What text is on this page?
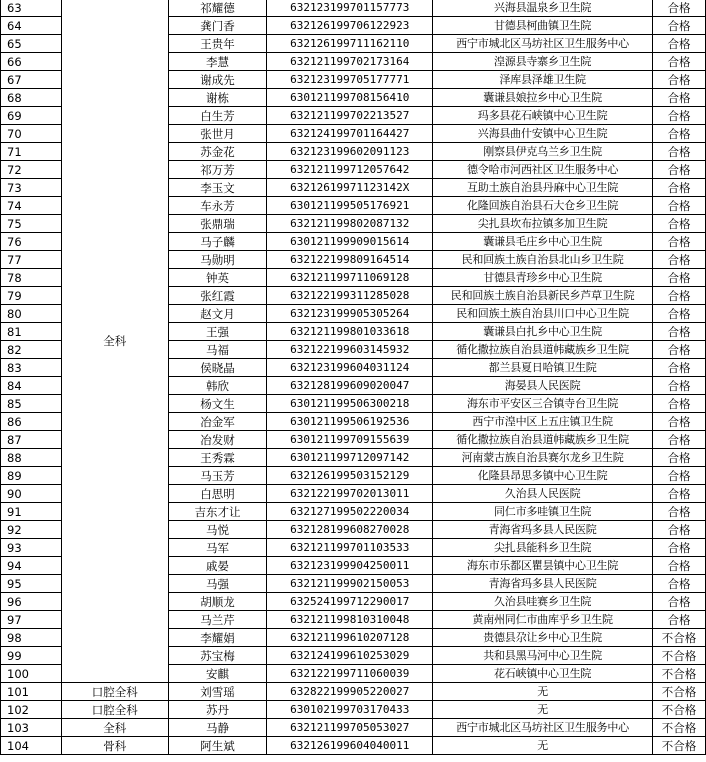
63	全科	祁耀德	632123199701157773	兴海县温泉乡卫生院	合格
64		龚门香	632126199706122923	甘德县柯曲镇卫生院	合格
65		王贵年	632126199711162110	西宁市城北区马坊社区卫生服务中心	合格
66		李慧	632121199702173164	湟源县寺寨乡卫生院	合格
67		谢成先	632123199705177771	泽库县泽雄卫生院	合格
68		谢栋	630121199708156410	囊谦县娘拉乡中心卫生院	合格
69		白生芳	632121199702213527	玛多县花石峡镇中心卫生院	合格
70		张世月	632124199701164427	兴海县曲什安镇中心卫生院	合格
71		苏金花	632123199602091123	刚察县伊克乌兰乡卫生院	合格
72		祁万芳	632121199712057642	德令哈市河西社区卫生服务中心	合格
73		李玉文	63212619971123142X	互助土族自治县丹麻中心卫生院	合格
74		车永芳	630121199505176921	化隆回族自治县石大仓乡卫生院	合格
75		张鼎瑞	632121199802087132	尖扎县坎布拉镇多加卫生院	合格
76		马子麟	630121199909015614	囊谦县毛庄乡中心卫生院	合格
77		马勋明	632122199809164514	民和回族土族自治县北山乡卫生院	合格
78		钟英	632121199711069128	甘德县青珍乡中心卫生院	合格
79		张红霞	632122199311285028	民和回族土族自治县新民乡芦草卫生院	合格
80		赵文月	632123199905305264	民和回族土族自治县川口中心卫生院	合格
81		王强	632121199801033618	囊谦县白扎乡中心卫生院	合格
82		马福	632122199603145932	循化撒拉族自治县道帏藏族乡卫生院	合格
83		侯晓晶	632123199604031124	都兰县夏日哈镇卫生院	合格
84		韩欣	632128199609020047	海晏县人民医院	合格
85		杨文生	630121199506300218	海东市平安区三合镇寺台卫生院	合格
86		冶金军	630121199506192536	西宁市湟中区上五庄镇卫生院	合格
87		冶发财	630121199709155639	循化撒拉族自治县道帏藏族乡卫生院	合格
88		王秀霖	630121199712097142	河南蒙古族自治县赛尔龙乡卫生院	合格
89		马玉芳	632126199503152129	化隆县昂思多镇中心卫生院	合格
90		白思明	632122199702013011	久治县人民医院	合格
91		吉东才让	632127199502220034	同仁市多哇镇卫生院	合格
92		马悦	632128199608270028	青海省玛多县人民医院	合格
93		马军	632121199701103533	尖扎县能科乡卫生院	合格
94		戚晏	632123199904250011	海东市乐都区瞿昙镇中心卫生院	合格
95		马强	632121199902150053	青海省玛多县人民医院	合格
96		胡顺龙	632524199712290017	久治县哇赛乡卫生院	合格
97		马兰芹	632121199810310048	黄南州同仁市曲库乎乡卫生院	合格
98		李耀娟	632121199610207128	贵德县尕让乡中心卫生院	不合格
99		苏宝梅	632124199610253029	共和县黑马河中心卫生院	不合格
100		安麒	632122199711060039	花石峡镇中心卫生院	不合格
101	口腔全科	刘雪瑶	632822199905220027	无	不合格
102	口腔全科	苏丹	630102199703170433	无	不合格
103	全科	马静	632121199705053027	西宁市城北区马坊社区卫生服务中心	不合格
104	骨科	阿生斌	632126199604040011	无	不合格
